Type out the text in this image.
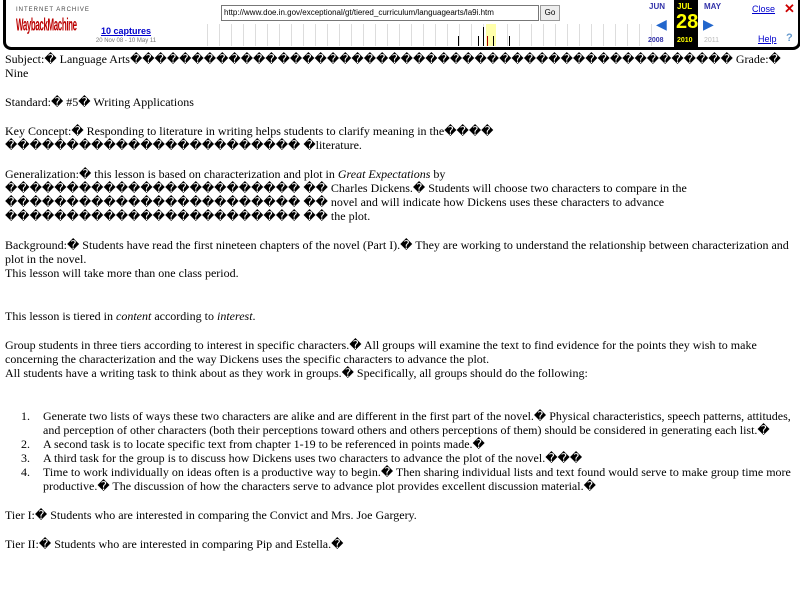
INTERNET ARCHIVE
WaybackMachine
http://www.doe.in.gov/exceptional/gt/tiered_curriculum/languagearts/la9i.htm	Go
10 captures
20 Nov 08 - 10 May 11
JUN JUL MAY
◀ 28 ▶
2008 2010 2011
Close ✕
Help ?

Subject:� Language Arts������������������������������������������������� Grade:� Nine

Standard:� #5� Writing Applications

Key Concept:� Responding to literature in writing helps students to clarify meaning in the���� ������������������������ �literature.

Generalization:� this lesson is based on characterization and plot in Great Expectations by ������������������������ �� Charles Dickens.� Students will choose two characters to compare in the ������������������������ �� novel and will indicate how Dickens uses these characters to advance ������������������������ �� the plot.

Background:� Students have read the first nineteen chapters of the novel (Part I).� They are working to understand the relationship between characterization and plot in the novel.
This lesson will take more than one class period.

This lesson is tiered in content according to interest.

Group students in three tiers according to interest in specific characters.� All groups will examine the text to find evidence for the points they wish to make concerning the characterization and the way Dickens uses the specific characters to advance the plot.
All students have a writing task to think about as they work in groups.� Specifically, all groups should do the following:

1. Generate two lists of ways these two characters are alike and are different in the first part of the novel.� Physical characteristics, speech patterns, attitudes, and perception of other characters (both their perceptions toward others and others perceptions of them) should be considered in generating each list.�
2. A second task is to locate specific text from chapter 1-19 to be referenced in points made.�
3. A third task for the group is to discuss how Dickens uses two characters to advance the plot of the novel.���
4. Time to work individually on ideas often is a productive way to begin.� Then sharing individual lists and text found would serve to make group time more productive.� The discussion of how the characters serve to advance plot provides excellent discussion material.�

Tier I:� Students who are interested in comparing the Convict and Mrs. Joe Gargery.

Tier II:� Students who are interested in comparing Pip and Estella.�
